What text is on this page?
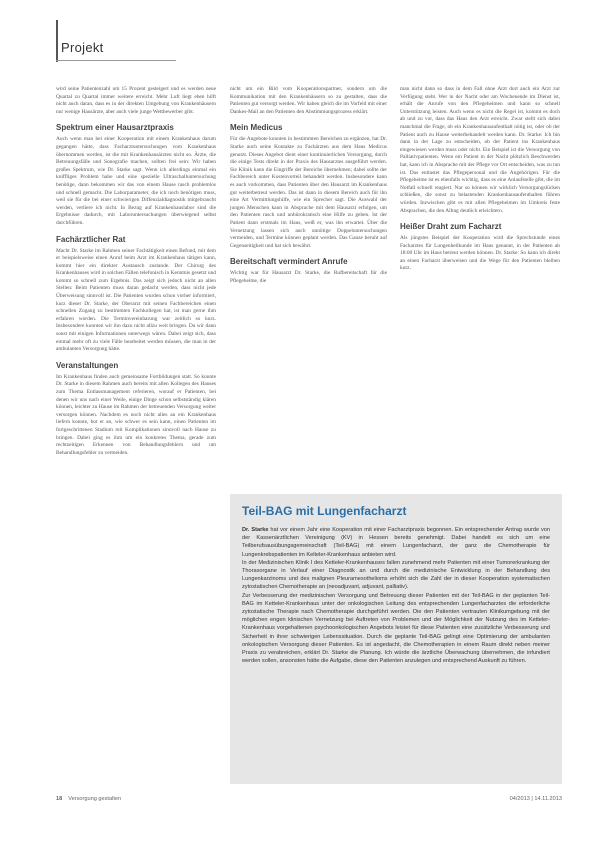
Projekt

wird seine Patientenzahl um 15 Prozent gesteigert und es werden neue Quartal zu Quartal immer weitere erreicht. Mehr Luft liegt eben hilft nicht auch daran, dass es in der direkten Umgebung von Krankenhäusern nur wenige Hausärzte, aber auch viele junge Wettbewerber gibt.

Spektrum einer Hausarztpraxis

Auch wenn man bei einer Kooperation mit einem Krankenhaus darum gegangen hätte, dass Facharztuntersuchungen vom Krankenhaus übernommen werden, ist die mit Krankenhausärzten nicht so. Ärzte, die Betreuungsfälle und Sonografie machen, sollten frei sein: Wir haben großes Spektrum, wie Dr. Starke sagt. Wenn ich allerdings einmal ein kniffliges Problem habe und eine spezielle Ultraschalluntersuchung benötige, dann bekommen wir das von einem Hause rasch problemlos und schnell gemacht. Die Laborparameter, die ich noch benötigen muss, weil sie für die bei einer schwierigen Diffenzialdiagnostik mitgebraucht werden, verliere ich nicht. In Bezug auf Krankenhauslabor sind die Ergebnisse dadurch, mit Laboruntersuchungen überwiegend selbst durchführen.

Fachärztlicher Rat

Macht Dr. Starke im Rahmen seiner Fachtätigkeit einen Befund, mit dem er beispielsweise einen Anruf beim Arzt im Krankenhaus tätigen kann, kommt hier ein direkter Austausch zustande. Der Chirurg des Krankenhauses wird in solchen Fällen telefonisch in Kenntnis gesetzt und kommt so schnell zum Ergebnis. Das zeigt sich jedoch nicht an allen Stellen: Beim Patienten muss daran gedacht werden, dass nicht jede Überweisung sinnvoll ist. Die Patienten wurden schon vorher informiert, kurz dieser Dr. Starke, der Oberarzt mit seinen Fachbereichen einen schnellen Zugang zu bestimmten Fachkollegen hat, ist man gerne ihm erfahren worden. Die Terminvereinbarung war zeitlich so kurz. Insbesondere konnten wir ihn dazu nicht allzu weit bringen. Da wir dann sonst mit einigen Informationen unterwegs wären. Dabei zeigt sich, dass einmal mehr oft zu viele Fälle bearbeitet werden müssen, die man in der ambulanten Versorgung hätte.

Veranstaltungen

Im Krankenhaus finden auch gemeinsame Fortbildungen statt. So konnte Dr. Starke in diesem Rahmen auch bereits mit allen Kollegen des Hauses zum Thema Entlassmanagement referieren, worauf er Patienten, bei denen wir uns nach einer Weile, einige Dinge schon selbstständig klären können, leichter zu Hause im Rahmen der betreuenden Versorgung weiter versorgen können. Nachdem es noch nicht alles an ein Krankenhaus liefern konnte, bot er an, wie schwer es sein kann, einen Patienten im fortgeschrittenen Stadium mit Komplikationen sinnvoll nach Hause zu bringen. Dabei ging es ihm um ein konkretes Thema, gerade zum rechtzeitigen Erkennen von Behandlungsfehlern und um Behandlungsfehler zu vermeiden.

nicht um ein Bild vom Kooperationspartner, sondern um die Kommunikation mit den Krankenhäusern so zu gestalten, dass die Patienten gut versorgt werden. Wir haben gleich die im Vorfeld mit einer Dankes-Mail an den Patienten den Abstimmungsprozess erklärt.

Mein Medicus

Für die Angebote konnten in bestimmten Bereichen zu ergänzen, hat Dr. Starke auch seine Kontakte zu Fachärzten aus dem Haus Medicus genutzt. Dieses Angebot dient einer kontinuierlichen Versorgung, durch die einige Tests direkt in der Praxis des Hausarztes ausgeführt werden. Sie Klinik kann die Eingriffe der Bereiche übernehmen; dabei sollte der Fachbereich unter Kostenvorteil behandelt werden. Insbesondere kann es auch vorkommen, dass Patienten über den Hausarzt im Krankenhaus gut weiterbetreut werden. Das ist dann in diesem Bereich auch für ihn eine Art Vermittlungshilfe, wie ein Sprecher sagt. Die Auswahl der jungen Menschen kann in Absprache mit dem Hausarzt erfolgen, um den Patienten rasch und unbürokratisch eine Hilfe zu geben. Ist der Patient dann erstmals im Haus, weiß er, was ihn erwartet. Über die Vernetzung lassen sich auch unnötige Doppeluntersuchungen vermeiden, und Termine können geplant werden. Das Ganze beruht auf Gegenseitigkeit und hat sich bewährt.

Bereitschaft vermindert Anrufe

Wichtig war für Hausarzt Dr. Starke, die Rufbereitschaft für die Pflegeheime, die

man nicht dann so dass in dem Fall ohne Arzt dort auch ein Arzt zur Verfügung steht. Wer in der Nacht oder am Wochenende im Dienst ist, erhält die Anrufe von den Pflegeheimen und kann so schnell Unterstützung leisten. Auch wenn es nicht die Regel ist, kommt es doch ab und zu vor, dass das Haus den Arzt erreicht. Zwar stellt sich dabei manchmal die Frage, ob ein Krankenhausaufenthalt nötig ist, oder ob der Patient auch zu Hause weiterbehandelt werden kann. Dr. Starke: Ich bin dann in der Lage zu entscheiden, ob der Patient ins Krankenhaus eingewiesen werden muss oder nicht. Ein Beispiel ist die Versorgung von Palliativpatienten. Wenn ein Patient in der Nacht plötzlich Beschwerden hat, kann ich in Absprache mit der Pflege vor Ort entscheiden, was zu tun ist. Das entlastet das Pflegepersonal und die Angehörigen. Für die Pflegeheime ist es ebenfalls wichtig, dass es eine Anlaufstelle gibt, die im Notfall schnell reagiert. Nur so können wir wirklich Versorgungslücken schließen, die sonst zu belastenden Krankenhausaufenthalten führen würden. Inzwischen gibt es mit allen Pflegeheimen im Umkreis feste Absprachen, die den Alltag deutlich erleichtern.

Heißer Draht zum Facharzt

Als jüngstes Beispiel der Kooperation wird die Sprechstunde eines Facharztes für Lungenheilkunde im Haus genannt, in der Patienten ab 18:00 Uhr im Haus betreut werden können. Dr. Starke: So kann ich direkt an einen Facharzt überweisen und die Wege für den Patienten bleiben kurz.

Teil-BAG mit Lungenfacharzt

Dr. Starke hat vor einem Jahr eine Kooperation mit einer Facharztpraxis begonnen. Ein entsprechender Antrag wurde von der Kassenärztlichen Vereinigung (KV) in Hessen bereits genehmigt. Dabei handelt es sich um eine Teilberufsausübungsgemeinschaft (Teil-BAG) mit einem Lungenfacharzt, der ganz die Chemotherapie für Lungenkrebspatienten im Kelteler-Krankenhaus anbieten wird.

In der Medizinischen Klinik I des Ketteler-Krankenhauses fallen zunehmend mehr Patienten mit einer Tumorerkrankung der Thoraxorgane in Verlauf einer Diagnostik an und durch die medizinische Entwicklung in der Behandlung des Lungenkarzinoms und des malignen Pleuramesothelioms erhöht sich die Zahl der in dieser Kooperation systematischen zytostatischen Chemotherapie an (neoadjuvant, adjuvant, palliativ).

Zur Verbesserung der medizinischen Versorgung und Betreuung dieser Patienten mit der Teil-BAG in der geplanten Teil-BAG im Ketteler-Krankenhaus unter der onkologischen Leitung des entsprechenden Lungenfacharztes die erforderliche zytostatische Therapie nach Chemotherapie durchgeführt werden. Die den Patienten vertrauten Klinikumgebung mit der möglichen engen klinischen Vernetzung bei Auftreten von Problemen und der Möglichkeit der Nutzung des im Ketteler-Krankenhaus vorgehaltenen psychoonkologischen Angebots leistet für diese Patienten eine zusätzliche Verbesserung und Sicherheit in ihrer schwierigen Lebenssituation. Durch die geplante Teil-BAG gelingt eine Optimierung der ambulanten onkologischen Versorgung dieser Patienten. Es ist angedacht, die Chemotherapien in einem Raum direkt neben meiner Praxis zu verabreichen, erklärt Dr. Starke die Planung. Ich würde die ärztliche Überwachung übernehmen, die infundiert werden sollen, ansonsten hätte die Aufgabe, diese den Patienten anzulegen und entsprechend Auskunft zu führen.

18 Versorgung gestalten	04/2013 | 14.11.2013
